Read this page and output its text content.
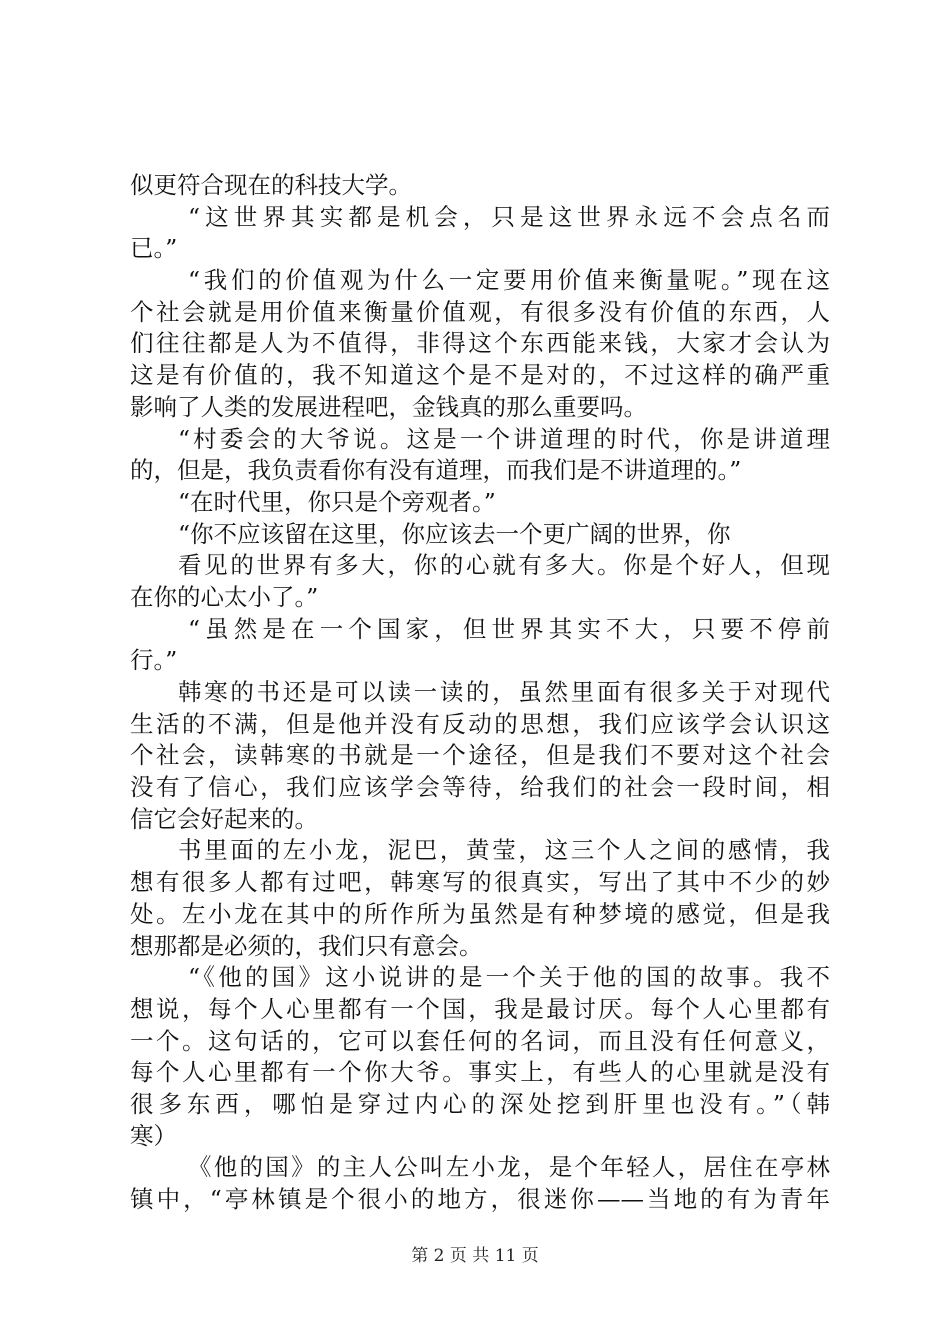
似更符合现在的科技大学。
“这世界其实都是机会，只是这世界永远不会点名而
已。”
“我们的价值观为什么一定要用价值来衡量呢。”现在这
个社会就是用价值来衡量价值观，有很多没有价值的东西，人
们往往都是人为不值得，非得这个东西能来钱，大家才会认为
这是有价值的，我不知道这个是不是对的，不过这样的确严重
影响了人类的发展进程吧，金钱真的那么重要吗。
“村委会的大爷说。这是一个讲道理的时代，你是讲道理
的，但是，我负责看你有没有道理，而我们是不讲道理的。”
“在时代里，你只是个旁观者。”
“你不应该留在这里，你应该去一个更广阔的世界，你
看见的世界有多大，你的心就有多大。你是个好人，但现
在你的心太小了。”
“虽然是在一个国家，但世界其实不大，只要不停前
行。”
韩寒的书还是可以读一读的，虽然里面有很多关于对现代
生活的不满，但是他并没有反动的思想，我们应该学会认识这
个社会，读韩寒的书就是一个途径，但是我们不要对这个社会
没有了信心，我们应该学会等待，给我们的社会一段时间，相
信它会好起来的。
书里面的左小龙，泥巴，黄莹，这三个人之间的感情，我
想有很多人都有过吧，韩寒写的很真实，写出了其中不少的妙
处。左小龙在其中的所作所为虽然是有种梦境的感觉，但是我
想那都是必须的，我们只有意会。
“《他的国》这小说讲的是一个关于他的国的故事。我不
想说，每个人心里都有一个国，我是最讨厌。每个人心里都有
一个。这句话的，它可以套任何的名词，而且没有任何意义，
每个人心里都有一个你大爷。事实上，有些人的心里就是没有
很多东西，哪怕是穿过内心的深处挖到肝里也没有。”（韩
寒）
《他的国》的主人公叫左小龙，是个年轻人，居住在亭林
镇中，“亭林镇是个很小的地方，很迷你——当地的有为青年
第 2 页 共 11 页
